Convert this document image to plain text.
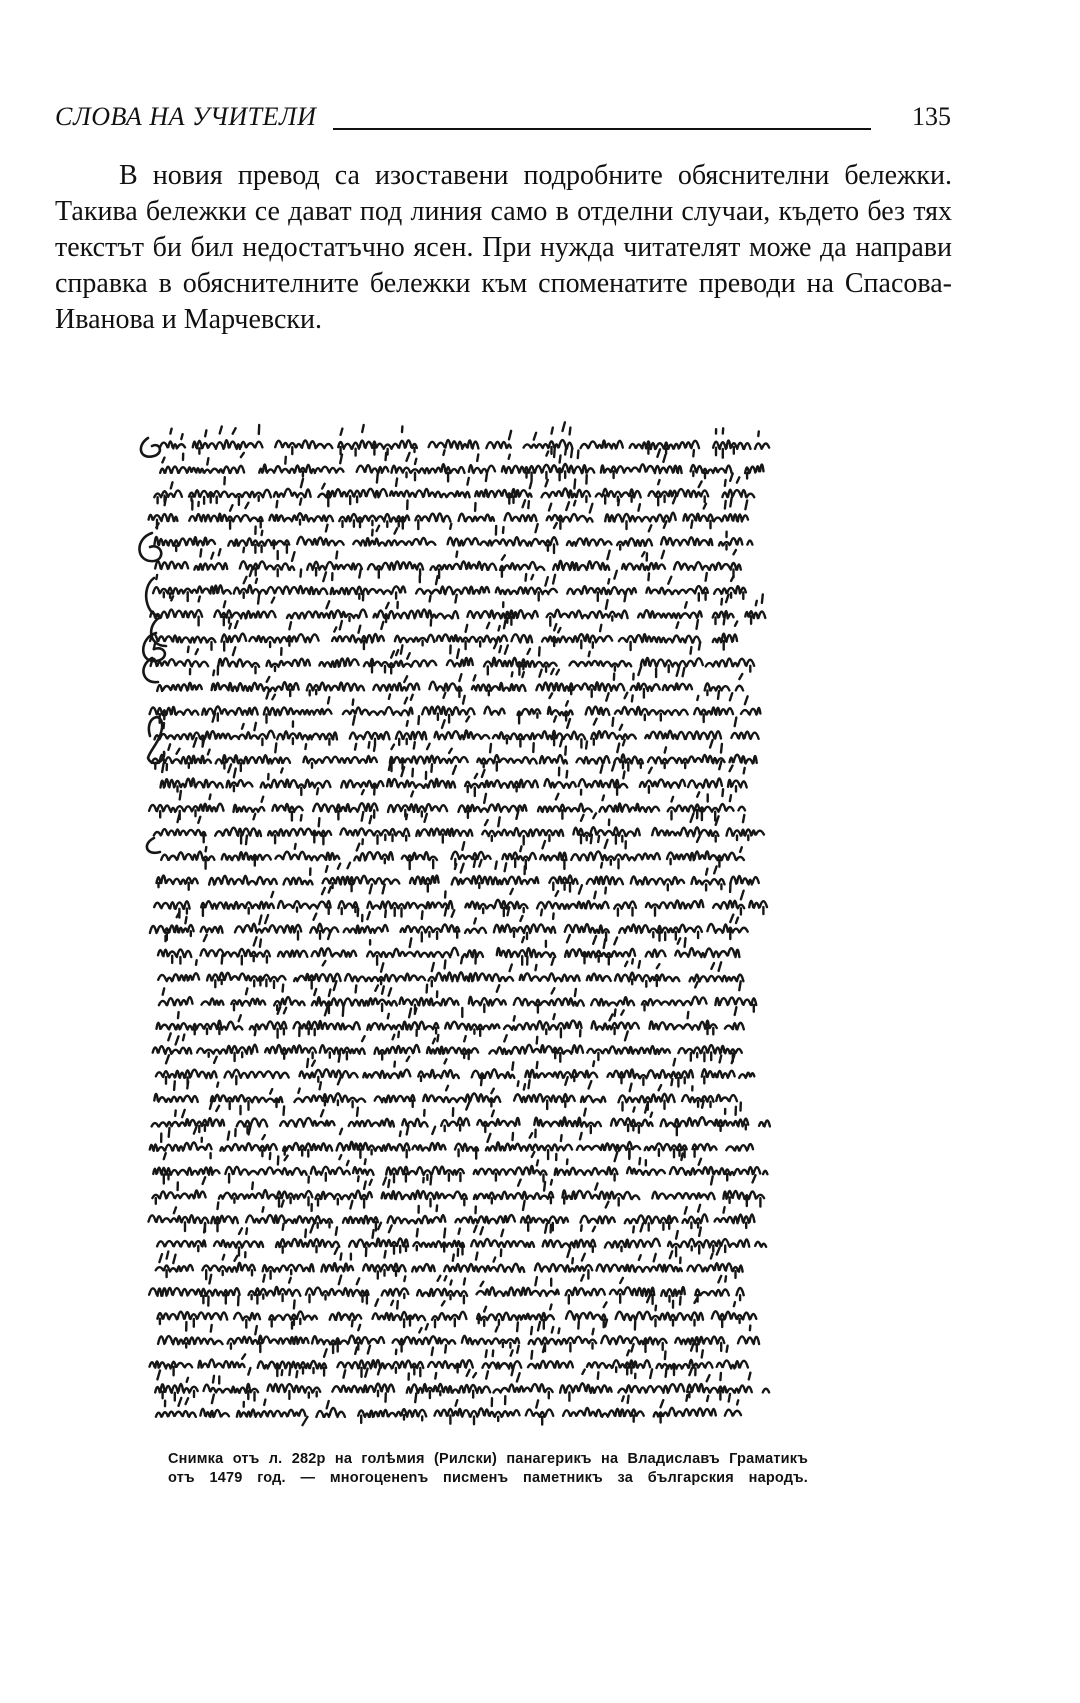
СЛОВА НА УЧИТЕЛИ	135

В новия превод са изоставени подробните обяснителни бележки. Такива бележки се дават под линия само в отделни случаи, където без тях текстът би бил недостатъчно ясен. При нужда читателят може да направи справка в обяснителните бележки към споменатите преводи на Спасова-Иванова и Марчевски.

Снимка отъ л. 282р на голѣмия (Рилски) панагерикъ на Владиславъ Граматикъ
отъ 1479 год. — многоценenъ писменъ паметникъ за българския народъ.
